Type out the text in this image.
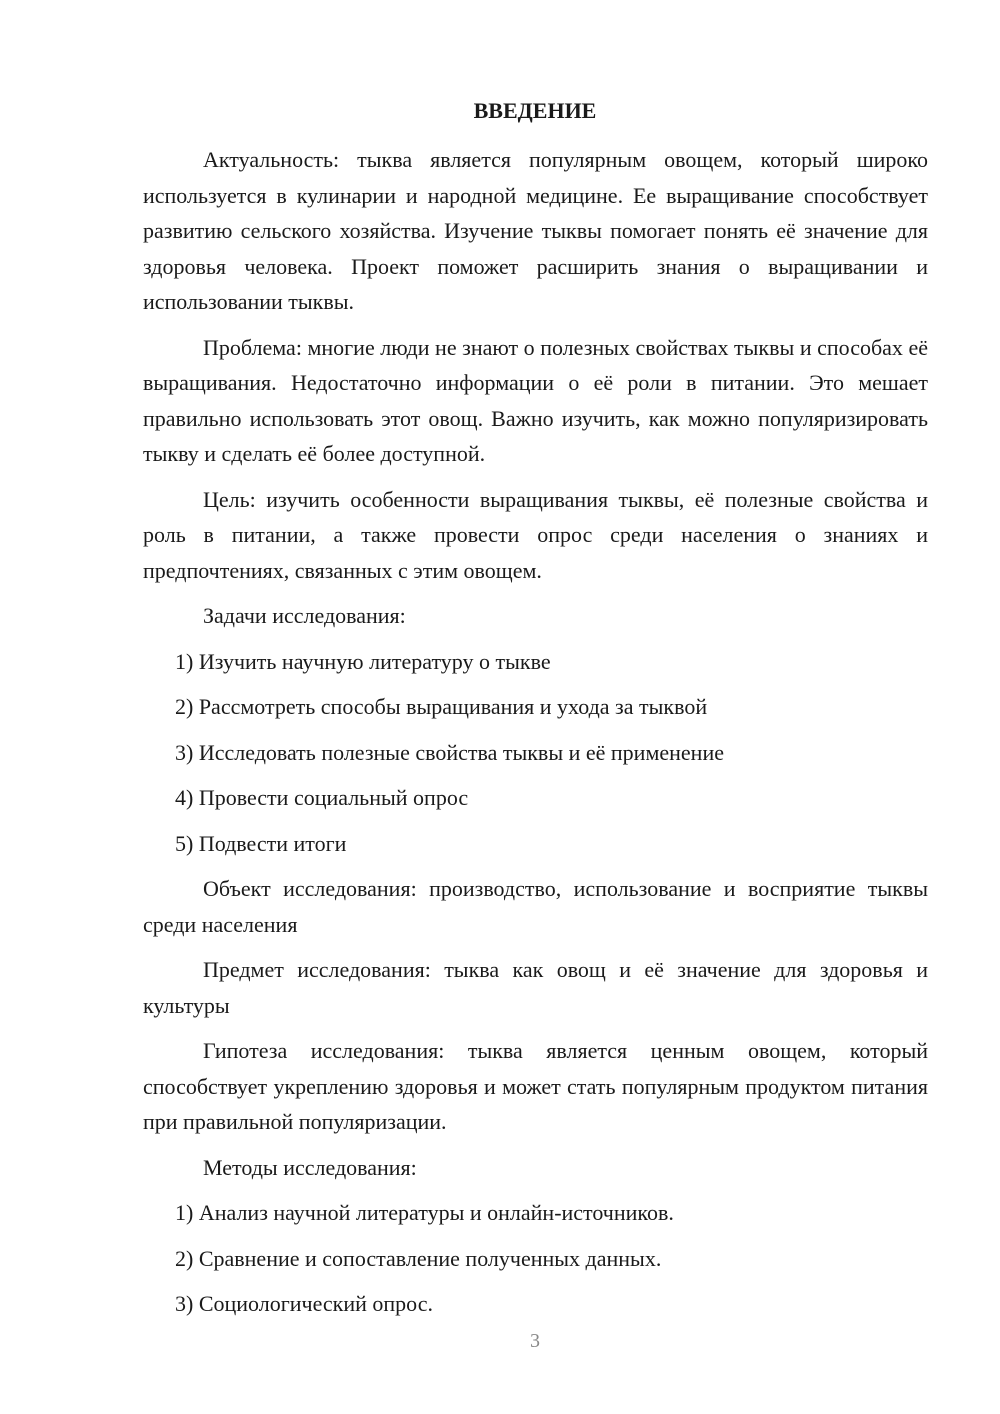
ВВЕДЕНИЕ

Актуальность: тыква является популярным овощем, который широко используется в кулинарии и народной медицине. Ее выращивание способствует развитию сельского хозяйства. Изучение тыквы помогает понять её значение для здоровья человека. Проект поможет расширить знания о выращивании и использовании тыквы.

Проблема: многие люди не знают о полезных свойствах тыквы и способах её выращивания. Недостаточно информации о её роли в питании. Это мешает правильно использовать этот овощ. Важно изучить, как можно популяризировать тыкву и сделать её более доступной.

Цель: изучить особенности выращивания тыквы, её полезные свойства и роль в питании, а также провести опрос среди населения о знаниях и предпочтениях, связанных с этим овощем.

Задачи исследования:

1) Изучить научную литературу о тыкве

2) Рассмотреть способы выращивания и ухода за тыквой

3) Исследовать полезные свойства тыквы и её применение

4) Провести социальный опрос

5) Подвести итоги

Объект исследования: производство, использование и восприятие тыквы среди населения

Предмет исследования: тыква как овощ и её значение для здоровья и культуры

Гипотеза исследования: тыква является ценным овощем, который способствует укреплению здоровья и может стать популярным продуктом питания при правильной популяризации.

Методы исследования:

1) Анализ научной литературы и онлайн-источников.

2) Сравнение и сопоставление полученных данных.

3) Социологический опрос.

3
